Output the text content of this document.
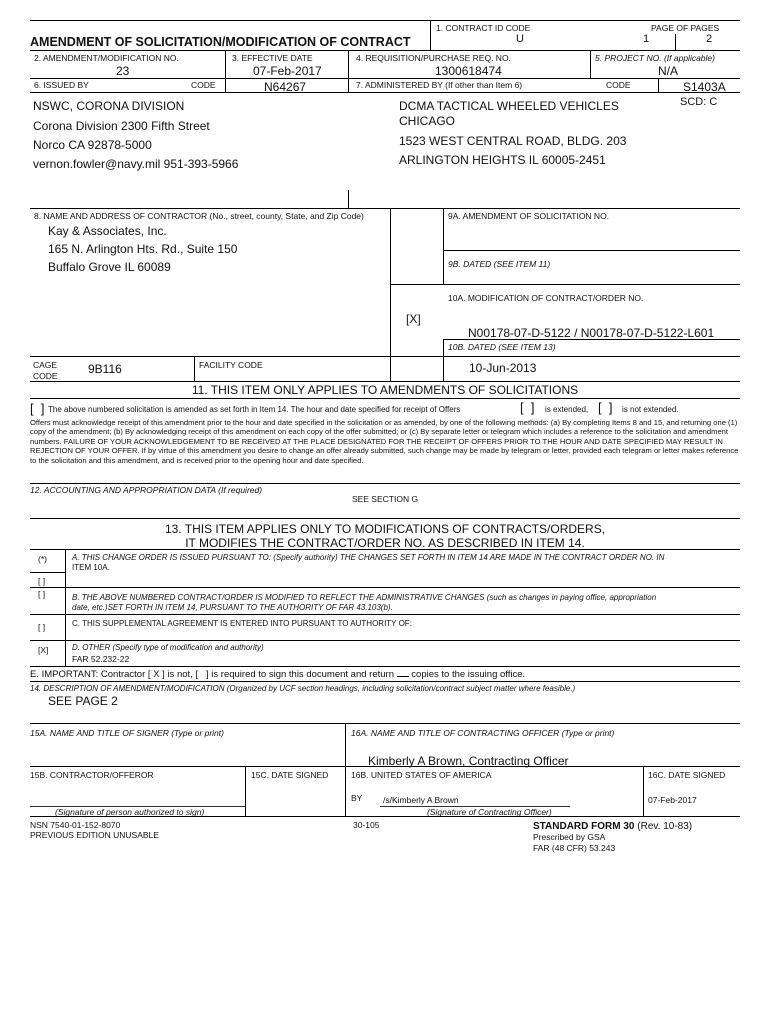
AMENDMENT OF SOLICITATION/MODIFICATION OF CONTRACT
1. CONTRACT ID CODE
U
PAGE OF PAGES
1	2
2. AMENDMENT/MODIFICATION NO.
23
3. EFFECTIVE DATE
07-Feb-2017
4. REQUISITION/PURCHASE REQ. NO.
1300618474
5. PROJECT NO. (If applicable)
N/A
6. ISSUED BY	CODE	N64267	7. ADMINISTERED BY (If other than Item 6)	CODE	S1403A
NSWC, CORONA DIVISION
Corona Division 2300 Fifth Street
Norco CA 92878-5000
vernon.fowler@navy.mil 951-393-5966
DCMA TACTICAL WHEELED VEHICLES
CHICAGO
1523 WEST CENTRAL ROAD, BLDG. 203
ARLINGTON HEIGHTS IL 60005-2451
SCD: C
8. NAME AND ADDRESS OF CONTRACTOR (No., street, county, State, and Zip Code)
Kay & Associates, Inc.
165 N. Arlington Hts. Rd., Suite 150
Buffalo Grove IL 60089
9A. AMENDMENT OF SOLICITATION NO.
9B. DATED (SEE ITEM 11)
10A. MODIFICATION OF CONTRACT/ORDER NO.
[X]
N00178-07-D-5122 / N00178-07-D-5122-L601
10B. DATED (SEE ITEM 13)
10-Jun-2013
CAGE
CODE	9B116	FACILITY CODE
11. THIS ITEM ONLY APPLIES TO AMENDMENTS OF SOLICITATIONS
[  ] The above numbered solicitation is amended as set forth in Item 14. The hour and date specified for receipt of Offers	[  ] is extended, [  ] is not extended.
Offers must acknowledge receipt of this amendment prior to the hour and date specified in the solicitation or as amended, by one of the following methods: (a) By completing Items 8 and 15, and returning one (1) copy of the amendment; (b) By acknowledging receipt of this amendment on each copy of the offer submitted; or (c) By separate letter or telegram which includes a reference to the solicitation and amendment numbers. FAILURE OF YOUR ACKNOWLEDGEMENT TO BE RECEIVED AT THE PLACE DESIGNATED FOR THE RECEIPT OF OFFERS PRIOR TO THE HOUR AND DATE SPECIFIED MAY RESULT IN REJECTION OF YOUR OFFER. If by virtue of this amendment you desire to change an offer already submitted, such change may be made by telegram or letter, provided each telegram or letter makes reference to the solicitation and this amendment, and is received prior to the opening hour and date specified.
12. ACCOUNTING AND APPROPRIATION DATA (If required)
SEE SECTION G
13. THIS ITEM APPLIES ONLY TO MODIFICATIONS OF CONTRACTS/ORDERS,
IT MODIFIES THE CONTRACT/ORDER NO. AS DESCRIBED IN ITEM 14.
(*)	A. THIS CHANGE ORDER IS ISSUED PURSUANT TO: (Specify authority) THE CHANGES SET FORTH IN ITEM 14 ARE MADE IN THE CONTRACT ORDER NO. IN
ITEM 10A.
[ ]
[ ]	B. THE ABOVE NUMBERED CONTRACT/ORDER IS MODIFIED TO REFLECT THE ADMINISTRATIVE CHANGES (such as changes in paying office, appropriation
date, etc.)SET FORTH IN ITEM 14, PURSUANT TO THE AUTHORITY OF FAR 43.103(b).
[ ]	C. THIS SUPPLEMENTAL AGREEMENT IS ENTERED INTO PURSUANT TO AUTHORITY OF:
[X]	D. OTHER (Specify type of modification and authority)
FAR 52.232-22
E. IMPORTANT: Contractor [ X ] is not, [ ] is required to sign this document and return copies to the issuing office.
14. DESCRIPTION OF AMENDMENT/MODIFICATION (Organized by UCF section headings, including solicitation/contract subject matter where feasible.)
SEE PAGE 2
15A. NAME AND TITLE OF SIGNER (Type or print)	16A. NAME AND TITLE OF CONTRACTING OFFICER (Type or print)
Kimberly A Brown, Contracting Officer
15B. CONTRACTOR/OFFEROR	15C. DATE SIGNED	16B. UNITED STATES OF AMERICA	16C. DATE SIGNED
BY /s/Kimberly A Brown
(Signature of Contracting Officer)
07-Feb-2017
(Signature of person authorized to sign)
NSN 7540-01-152-8070
PREVIOUS EDITION UNUSABLE
30-105	STANDARD FORM 30 (Rev. 10-83)
Prescribed by GSA
FAR (48 CFR) 53.243
